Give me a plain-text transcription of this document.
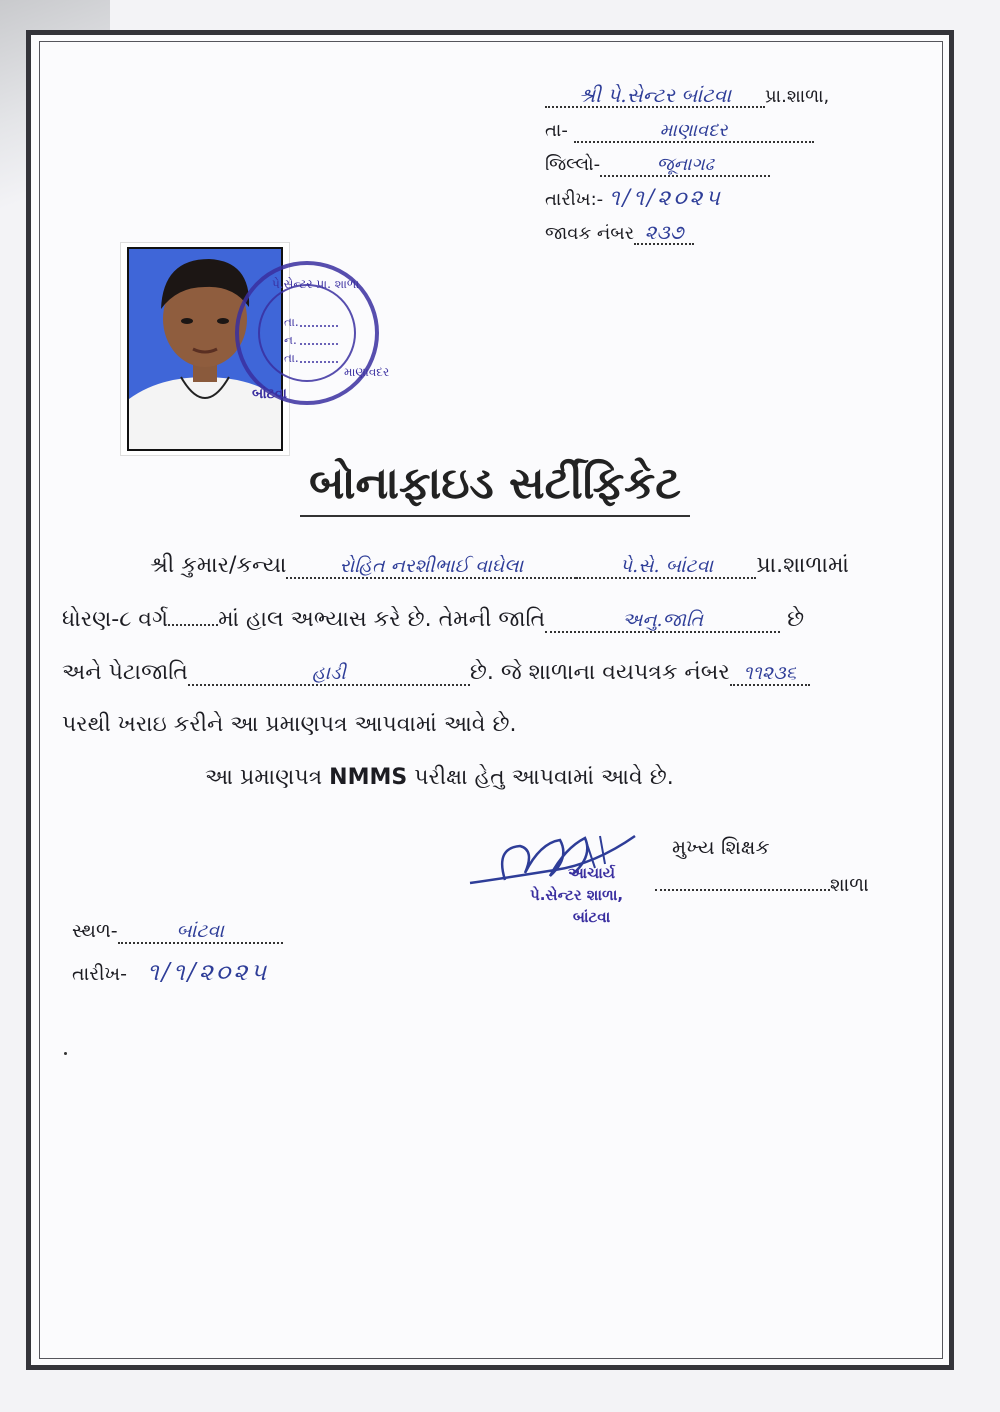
શ્રી પે.સેન્ટર બાંટવા પ્રા.શાળા,
તા-	માણાવદર
જિલ્લો-	જૂનાગઢ
તારીખ:- ૧/૧/૨૦૨૫
જાવક નંબર ૨૩૭
પે.સેન્ટર પ્રા. શાળા
તા.
ન.
તા.
બાંટવા
માણાવદર
બોનાફાઇડ સર્ટીફિકેટ
શ્રી કુમાર/કન્યા	રોહિત નરશીભાઈ વાઘેલા	પે.સે. બાંટવા પ્રા.શાળામાં
ધોરણ-૮ વર્ગ માં હાલ અભ્યાસ કરે છે. તેમની જાતિ	અનુ.જાતિ	છે
અને પેટાજાતિ	હાડી	છે. જે શાળાના વયપત્રક નંબર ૧૧૨૩૬
પરથી ખરાઇ કરીને આ પ્રમાણપત્ર આપવામાં આવે છે.
આ પ્રમાણપત્ર NMMS પરીક્ષા હેતુ આપવામાં આવે છે.
મુખ્ય શિક્ષક
આચાર્ય
પે.સેન્ટર શાળા,
બાંટવા
શાળા
સ્થળ-	બાંટવા
તારીખ- ૧/૧/૨૦૨૫
